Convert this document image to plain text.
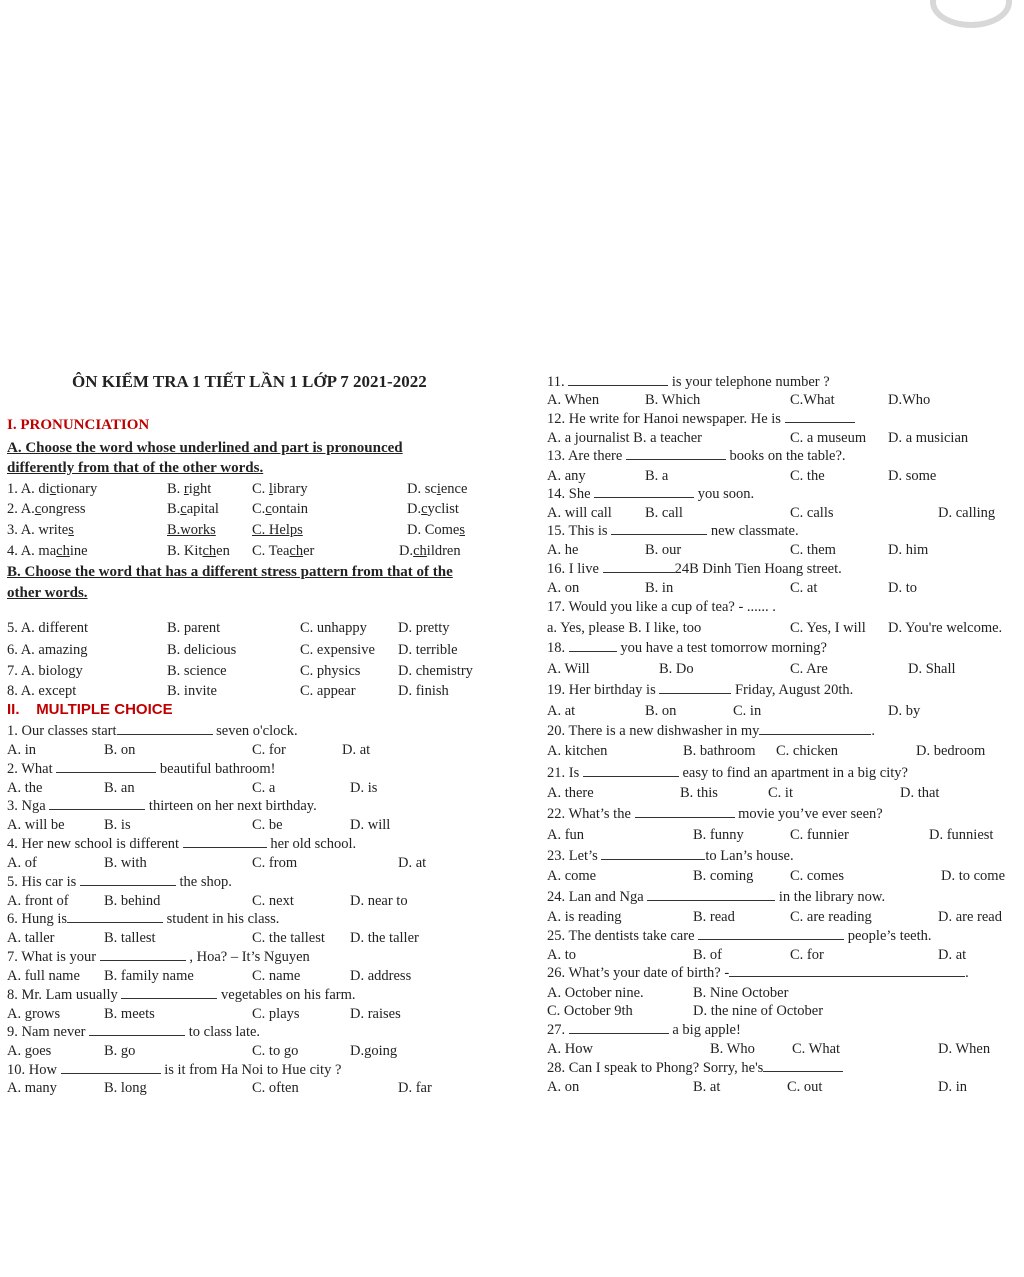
ÔN KIỂM TRA 1 TIẾT LẦN 1 LỚP 7 2021-2022
I. PRONUNCIATION
A. Choose the word whose underlined and part is pronounced
differently from that of the other words.
1. A. dictionary	B. right	C. library	D. science
2. A.congress	B.capital C.contain	D.cyclist
3. A. writes	B.works C. Helps	D. Comes
4. A. machine	B. Kitchen C. Teacher	D.children
B. Choose the word that has a different stress pattern from that of the
other words.
5. A. different	B. parent	C. unhappy D. pretty
6. A. amazing	B. delicious	C. expensive D. terrible
7. A. biology	B. science	C. physics	D. chemistry
8. A. except	B. invite	C. appear	D. finish
II. MULTIPLE CHOICE
1. Our classes start	seven o'clock.
A. in	B. on	C. for	D. at
2. What	beautiful bathroom!
A. the	B. an	C. a	D. is
3. Nga	thirteen on her next birthday.
A. will be	B. is	C. be	D. will
4. Her new school is different	her old school.
A. of	B. with	C. from	D. at
5. His car is	the shop.
A. front of B. behind	C. next	D. near to
6. Hung is	student in his class.
A. taller	B. tallest	C. the tallest D. the taller
7. What is your	, Hoa? – It’s Nguyen
A. full name B. family name	C. name	D. address
8. Mr. Lam usually	vegetables on his farm.
A. grows	B. meets	C. plays	D. raises
9. Nam never	to class late.
A. goes	B. go	C. to go	D.going
10. How	is it from Ha Noi to Hue city ?
A. many	B. long	C. often	D. far
11.	is your telephone number ?
A. When	B. Which	C.What	D.Who
12. He write for Hanoi newspaper. He is
A. a journalist B. a teacher	C. a museum D. a musician
13. Are there	books on the table?.
A. any	B. a	C. the	D. some
14. She	you soon.
A. will call B. call	C. calls	D. calling
15. This is	new classmate.
A. he	B. our	C. them	D. him
16. I live	24B Dinh Tien Hoang street.
A. on	B. in	C. at	D. to
17. Would you like a cup of tea? - ...... .
a. Yes, please B. I like, too	C. Yes, I will D. You're welcome.
18.	you have a test tomorrow morning?
A. Will	B. Do	C. Are	D. Shall
19. Her birthday is	Friday, August 20th.
A. at	B. on	C. in	D. by
20. There is a new dishwasher in my	.
A. kitchen	B. bathroom C. chicken	D. bedroom
21. Is	easy to find an apartment in a big city?
A. there	B. this	C. it	D. that
22. What’s the	movie you’ve ever seen?
A. fun	B. funny	C. funnier	D. funniest
23. Let’s	to Lan’s house.
A. come	B. coming	C. comes	D. to come
24. Lan and Nga	in the library now.
A. is reading	B. read	C. are reading	D. are read
25. The dentists take care	people’s teeth.
A. to	B. of	C. for	D. at
26. What’s your date of birth? -	.
A. October nine.	B. Nine October
C. October 9th	D. the nine of October
27.	a big apple!
A. How	B. Who	C. What	D. When
28. Can I speak to Phong? Sorry, he's
A. on	B. at	C. out	D. in
